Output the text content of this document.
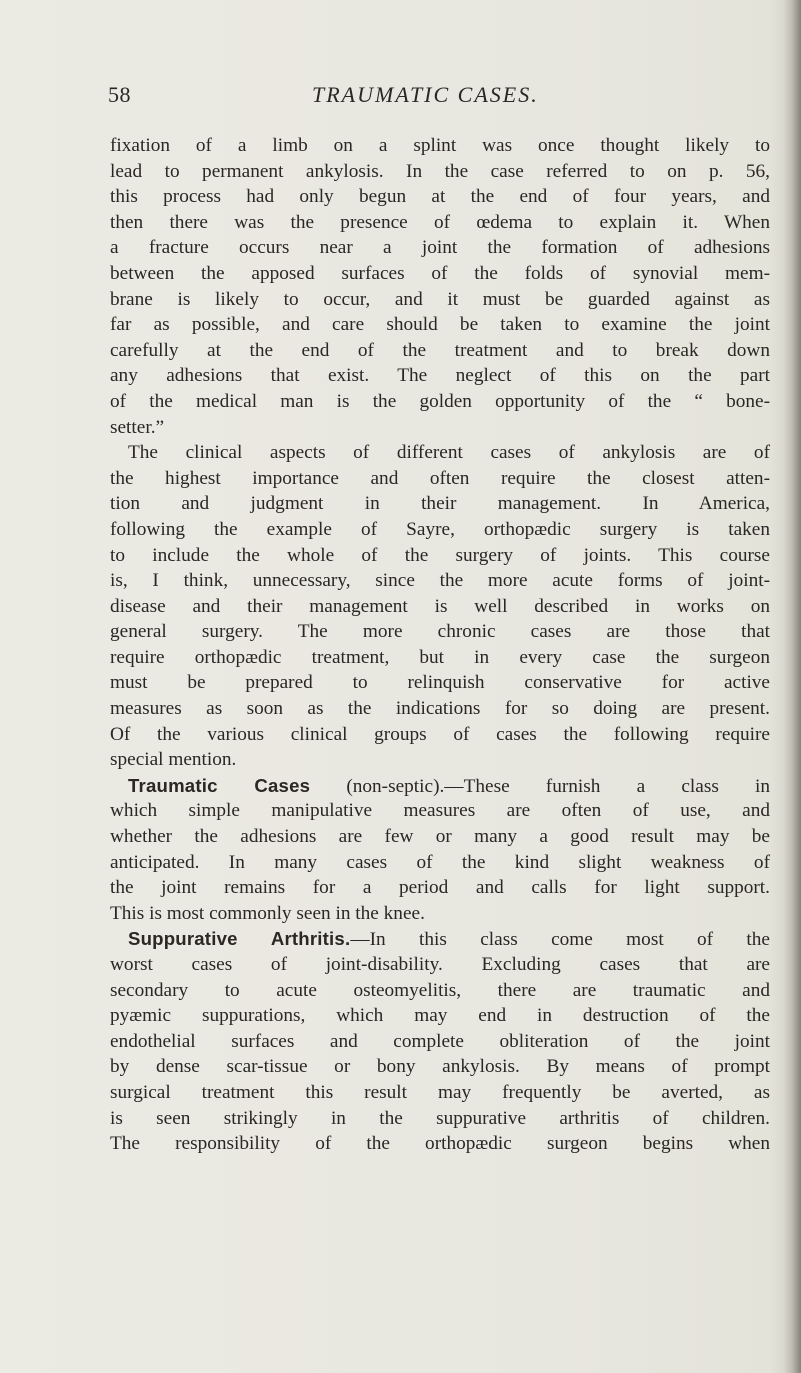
58	TRAUMATIC CASES.
fixation of a limb on a splint was once thought likely to
lead to permanent ankylosis. In the case referred to on p. 56,
this process had only begun at the end of four years, and
then there was the presence of œdema to explain it. When
a fracture occurs near a joint the formation of adhesions
between the apposed surfaces of the folds of synovial mem-
brane is likely to occur, and it must be guarded against as
far as possible, and care should be taken to examine the joint
carefully at the end of the treatment and to break down
any adhesions that exist. The neglect of this on the part
of the medical man is the golden opportunity of the “ bone-
setter.”
The clinical aspects of different cases of ankylosis are of
the highest importance and often require the closest atten-
tion and judgment in their management. In America,
following the example of Sayre, orthopædic surgery is taken
to include the whole of the surgery of joints. This course
is, I think, unnecessary, since the more acute forms of joint-
disease and their management is well described in works on
general surgery. The more chronic cases are those that
require orthopædic treatment, but in every case the surgeon
must be prepared to relinquish conservative for active
measures as soon as the indications for so doing are present.
Of the various clinical groups of cases the following require
special mention.
Traumatic Cases (non-septic).—These furnish a class in
which simple manipulative measures are often of use, and
whether the adhesions are few or many a good result may be
anticipated. In many cases of the kind slight weakness of
the joint remains for a period and calls for light support.
This is most commonly seen in the knee.
Suppurative Arthritis.—In this class come most of the
worst cases of joint-disability. Excluding cases that are
secondary to acute osteomyelitis, there are traumatic and
pyæmic suppurations, which may end in destruction of the
endothelial surfaces and complete obliteration of the joint
by dense scar-tissue or bony ankylosis. By means of prompt
surgical treatment this result may frequently be averted, as
is seen strikingly in the suppurative arthritis of children.
The responsibility of the orthopædic surgeon begins when
